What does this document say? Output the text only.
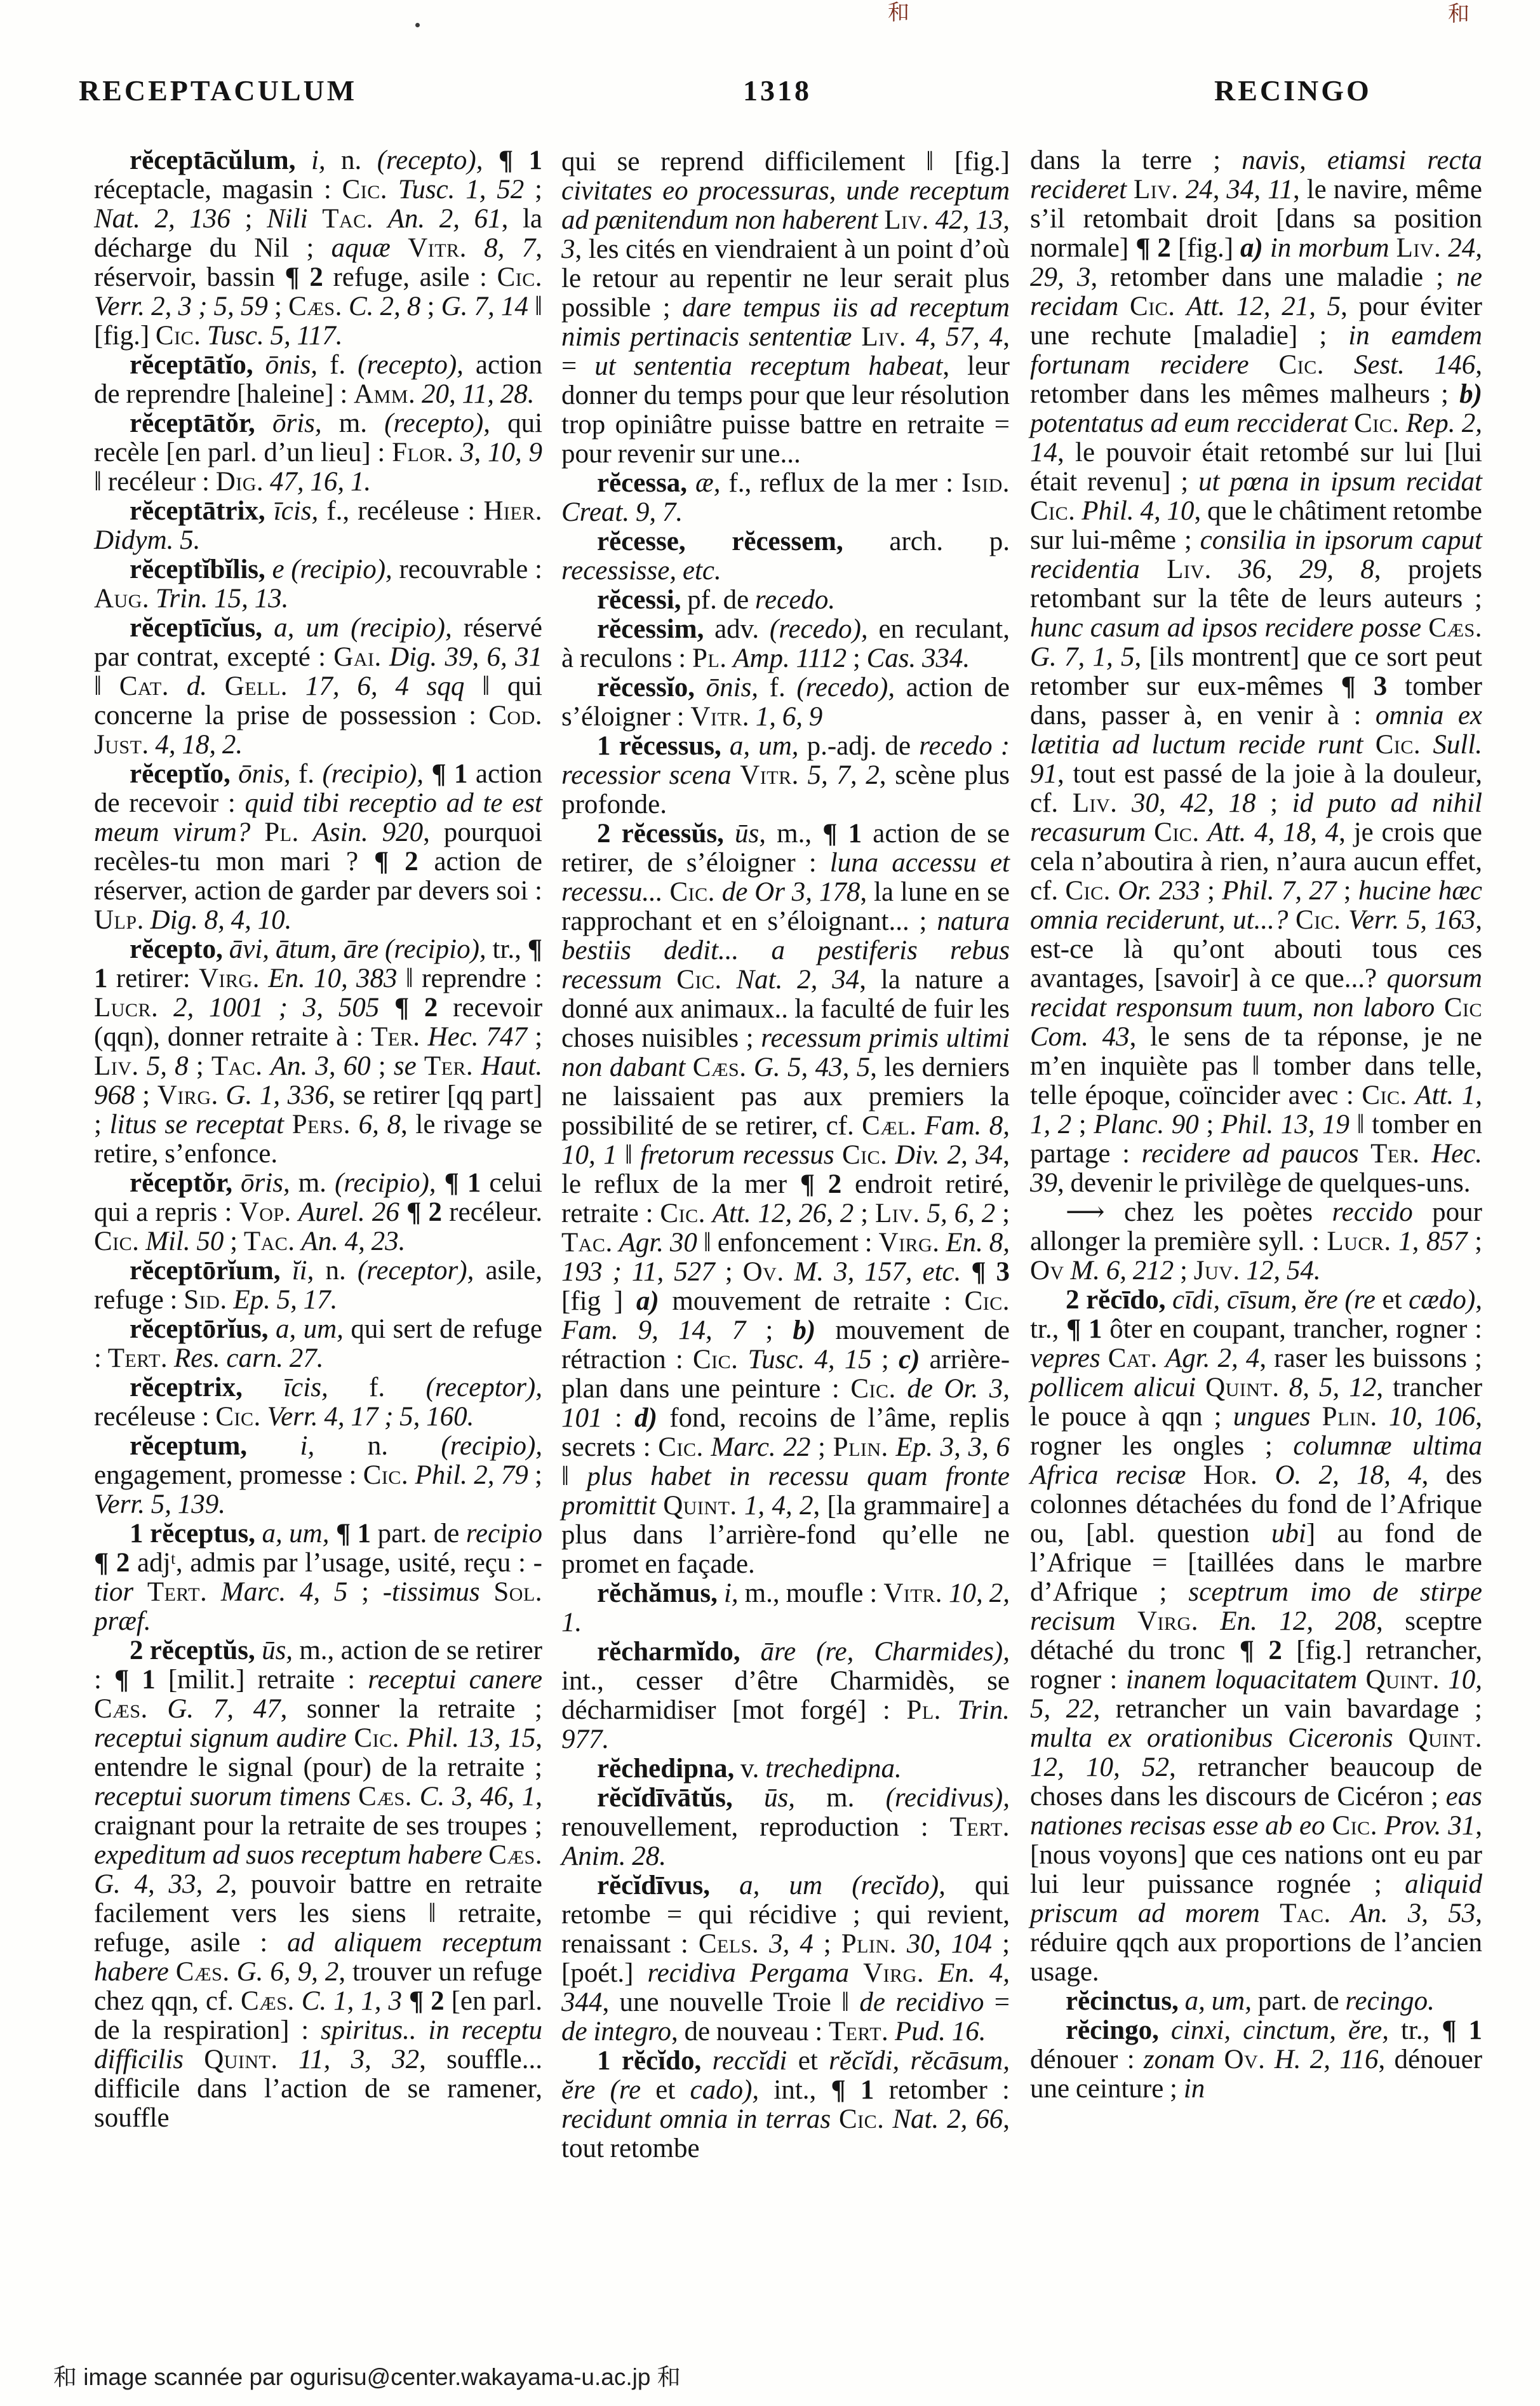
RECEPTACULUM	1318	RECINGO
和	和

rĕceptācŭlum, i, n. (recepto), ¶ 1 réceptacle, magasin : Cic. Tusc. 1, 52 ; Nat. 2, 136 ; Nili Tac. An. 2, 61, la décharge du Nil ; aquæ Vitr. 8, 7, réservoir, bassin ¶ 2 refuge, asile : Cic. Verr. 2, 3 ; 5, 59 ; Cæs. C. 2, 8 ; G. 7, 14 ‖ [fig.] Cic. Tusc. 5, 117.

rĕceptātĭo, ōnis, f. (recepto), action de reprendre [haleine] : Amm. 20, 11, 28.

rĕceptātŏr, ōris, m. (recepto), qui recèle [en parl. d’un lieu] : Flor. 3, 10, 9 ‖ recéleur : Dig. 47, 16, 1.

rĕceptātrix, īcis, f., recéleuse : Hier. Didym. 5.

rĕceptĭbĭlis, e (recipio), recouvrable : Aug. Trin. 15, 13.

rĕceptīcĭus, a, um (recipio), réservé par contrat, excepté : Gai. Dig. 39, 6, 31 ‖ Cat. d. Gell. 17, 6, 4 sqq ‖ qui concerne la prise de possession : Cod. Just. 4, 18, 2.

rĕceptĭo, ōnis, f. (recipio), ¶ 1 action de recevoir : quid tibi receptio ad te est meum virum? Pl. Asin. 920, pourquoi recèles-tu mon mari ? ¶ 2 action de réserver, action de garder par devers soi : Ulp. Dig. 8, 4, 10.

rĕcepto, āvi, ātum, āre (recipio), tr., ¶ 1 retirer: Virg. En. 10, 383 ‖ reprendre : Lucr. 2, 1001 ; 3, 505 ¶ 2 recevoir (qqn), donner retraite à : Ter. Hec. 747 ; Liv. 5, 8 ; Tac. An. 3, 60 ; se Ter. Haut. 968 ; Virg. G. 1, 336, se retirer [qq part] ; litus se receptat Pers. 6, 8, le rivage se retire, s’enfonce.

rĕceptŏr, ōris, m. (recipio), ¶ 1 celui qui a repris : Vop. Aurel. 26 ¶ 2 recéleur. Cic. Mil. 50 ; Tac. An. 4, 23.

rĕceptōrĭum, ĭi, n. (receptor), asile, refuge : Sid. Ep. 5, 17.

rĕceptōrĭus, a, um, qui sert de refuge : Tert. Res. carn. 27.

rĕceptrix, īcis, f. (receptor), recéleuse : Cic. Verr. 4, 17 ; 5, 160.

rĕceptum, i, n. (recipio), engagement, promesse : Cic. Phil. 2, 79 ; Verr. 5, 139.

1 rĕceptus, a, um, ¶ 1 part. de recipio ¶ 2 adjᵗ, admis par l’usage, usité, reçu : -tior Tert. Marc. 4, 5 ; -tissimus Sol. præf.

2 rĕceptŭs, ūs, m., action de se retirer : ¶ 1 [milit.] retraite : receptui canere Cæs. G. 7, 47, sonner la retraite ; receptui signum audire Cic. Phil. 13, 15, entendre le signal (pour) de la retraite ; receptui suorum timens Cæs. C. 3, 46, 1, craignant pour la retraite de ses troupes ; expeditum ad suos receptum habere Cæs. G. 4, 33, 2, pouvoir battre en retraite facilement vers les siens ‖ retraite, refuge, asile : ad aliquem receptum habere Cæs. G. 6, 9, 2, trouver un refuge chez qqn, cf. Cæs. C. 1, 1, 3 ¶ 2 [en parl. de la respiration] : spiritus.. in receptu difficilis Quint. 11, 3, 32, souffle... difficile dans l’action de se ramener, souffle

qui se reprend difficilement ‖ [fig.] civitates eo processuras, unde receptum ad pænitendum non haberent Liv. 42, 13, 3, les cités en viendraient à un point d’où le retour au repentir ne leur serait plus possible ; dare tempus iis ad receptum nimis pertinacis sententiæ Liv. 4, 57, 4, = ut sententia receptum habeat, leur donner du temps pour que leur résolution trop opiniâtre puisse battre en retraite = pour revenir sur une...

rĕcessa, æ, f., reflux de la mer : Isid. Creat. 9, 7.

rĕcesse, rĕcessem, arch. p. recessisse, etc.

rĕcessi, pf. de recedo.

rĕcessim, adv. (recedo), en reculant, à reculons : Pl. Amp. 1112 ; Cas. 334.

rĕcessĭo, ōnis, f. (recedo), action de s’éloigner : Vitr. 1, 6, 9

1 rĕcessus, a, um, p.-adj. de recedo : recessior scena Vitr. 5, 7, 2, scène plus profonde.

2 rĕcessŭs, ūs, m., ¶ 1 action de se retirer, de s’éloigner : luna accessu et recessu... Cic. de Or 3, 178, la lune en se rapprochant et en s’éloignant... ; natura bestiis dedit... a pestiferis rebus recessum Cic. Nat. 2, 34, la nature a donné aux animaux.. la faculté de fuir les choses nuisibles ; recessum primis ultimi non dabant Cæs. G. 5, 43, 5, les derniers ne laissaient pas aux premiers la possibilité de se retirer, cf. Cæl. Fam. 8, 10, 1 ‖ fretorum recessus Cic. Div. 2, 34, le reflux de la mer ¶ 2 endroit retiré, retraite : Cic. Att. 12, 26, 2 ; Liv. 5, 6, 2 ; Tac. Agr. 30 ‖ enfoncement : Virg. En. 8, 193 ; 11, 527 ; Ov. M. 3, 157, etc. ¶ 3 [fig ] a) mouvement de retraite : Cic. Fam. 9, 14, 7 ; b) mouvement de rétraction : Cic. Tusc. 4, 15 ; c) arrière-plan dans une peinture : Cic. de Or. 3, 101 : d) fond, recoins de l’âme, replis secrets : Cic. Marc. 22 ; Plin. Ep. 3, 3, 6 ‖ plus habet in recessu quam fronte promittit Quint. 1, 4, 2, [la grammaire] a plus dans l’arrière-fond qu’elle ne promet en façade.

rĕchămus, i, m., moufle : Vitr. 10, 2, 1.

rĕcharmĭdo, āre (re, Charmides), int., cesser d’être Charmidès, se décharmidiser [mot forgé] : Pl. Trin. 977.

rĕchedipna, v. trechedipna.

rĕcĭdīvātŭs, ūs, m. (recidivus), renouvellement, reproduction : Tert. Anim. 28.

rĕcĭdīvus, a, um (recĭdo), qui retombe = qui récidive ; qui revient, renaissant : Cels. 3, 4 ; Plin. 30, 104 ; [poét.] recidiva Pergama Virg. En. 4, 344, une nouvelle Troie ‖ de recidivo = de integro, de nouveau : Tert. Pud. 16.

1 rĕcĭdo, reccĭdi et rĕcĭdi, rĕcāsum, ĕre (re et cado), int., ¶ 1 retomber : recidunt omnia in terras Cic. Nat. 2, 66, tout retombe

dans la terre ; navis, etiamsi recta recideret Liv. 24, 34, 11, le navire, même s’il retombait droit [dans sa position normale] ¶ 2 [fig.] a) in morbum Liv. 24, 29, 3, retomber dans une maladie ; ne recidam Cic. Att. 12, 21, 5, pour éviter une rechute [maladie] ; in eamdem fortunam recidere Cic. Sest. 146, retomber dans les mêmes malheurs ; b) potentatus ad eum recciderat Cic. Rep. 2, 14, le pouvoir était retombé sur lui [lui était revenu] ; ut pœna in ipsum recidat Cic. Phil. 4, 10, que le châtiment retombe sur lui-même ; consilia in ipsorum caput recidentia Liv. 36, 29, 8, projets retombant sur la tête de leurs auteurs ; hunc casum ad ipsos recidere posse Cæs. G. 7, 1, 5, [ils montrent] que ce sort peut retomber sur eux-mêmes ¶ 3 tomber dans, passer à, en venir à : omnia ex lætitia ad luctum recide runt Cic. Sull. 91, tout est passé de la joie à la douleur, cf. Liv. 30, 42, 18 ; id puto ad nihil recasurum Cic. Att. 4, 18, 4, je crois que cela n’aboutira à rien, n’aura aucun effet, cf. Cic. Or. 233 ; Phil. 7, 27 ; hucine hæc omnia reciderunt, ut...? Cic. Verr. 5, 163, est-ce là qu’ont abouti tous ces avantages, [savoir] à ce que...? quorsum recidat responsum tuum, non laboro Cic Com. 43, le sens de ta réponse, je ne m’en inquiète pas ‖ tomber dans telle, telle époque, coïncider avec : Cic. Att. 1, 1, 2 ; Planc. 90 ; Phil. 13, 19 ‖ tomber en partage : recidere ad paucos Ter. Hec. 39, devenir le privilège de quelques-uns.

⟶ chez les poètes reccido pour allonger la première syll. : Lucr. 1, 857 ; Ov M. 6, 212 ; Juv. 12, 54.

2 rĕcīdo, cīdi, cīsum, ĕre (re et cædo), tr., ¶ 1 ôter en coupant, trancher, rogner : vepres Cat. Agr. 2, 4, raser les buissons ; pollicem alicui Quint. 8, 5, 12, trancher le pouce à qqn ; ungues Plin. 10, 106, rogner les ongles ; columnæ ultima Africa recisæ Hor. O. 2, 18, 4, des colonnes détachées du fond de l’Afrique ou, [abl. question ubi] au fond de l’Afrique = [taillées dans le marbre d’Afrique ; sceptrum imo de stirpe recisum Virg. En. 12, 208, sceptre détaché du tronc ¶ 2 [fig.] retrancher, rogner : inanem loquacitatem Quint. 10, 5, 22, retrancher un vain bavardage ; multa ex orationibus Ciceronis Quint. 12, 10, 52, retrancher beaucoup de choses dans les discours de Cicéron ; eas nationes recisas esse ab eo Cic. Prov. 31, [nous voyons] que ces nations ont eu par lui leur puissance rognée ; aliquid priscum ad morem Tac. An. 3, 53, réduire qqch aux proportions de l’ancien usage.

rĕcinctus, a, um, part. de recingo.

rĕcingo, cinxi, cinctum, ĕre, tr., ¶ 1 dénouer : zonam Ov. H. 2, 116, dénouer une ceinture ; in

和 image scannée par ogurisu@center.wakayama-u.ac.jp 和
